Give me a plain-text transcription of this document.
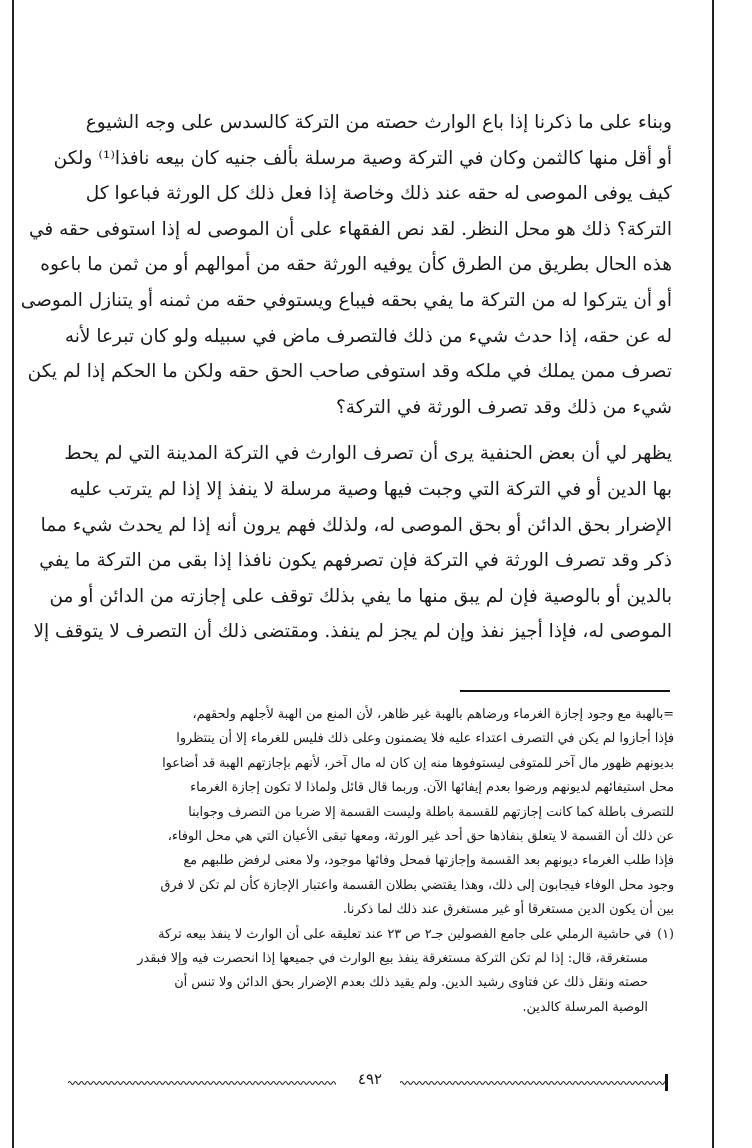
وبناء على ما ذكرنا إذا باع الوارث حصته من التركة كالسدس على وجه الشيوع

أو أقل منها كالثمن وكان في التركة وصية مرسلة بألف جنيه كان بيعه نافذا⁽¹⁾ ولكن

كيف يوفى الموصى له حقه عند ذلك وخاصة إذا فعل ذلك كل الورثة فباعوا كل

التركة؟ ذلك هو محل النظر. لقد نص الفقهاء على أن الموصى له إذا استوفى حقه في

هذه الحال بطريق من الطرق كأن يوفيه الورثة حقه من أموالهم أو من ثمن ما باعوه

أو أن يتركوا له من التركة ما يفي بحقه فيباع ويستوفي حقه من ثمنه أو يتنازل الموصى

له عن حقه، إذا حدث شيء من ذلك فالتصرف ماض في سبيله ولو كان تبرعا لأنه

تصرف ممن يملك في ملكه وقد استوفى صاحب الحق حقه ولكن ما الحكم إذا لم يكن

شيء من ذلك وقد تصرف الورثة في التركة؟

يظهر لي أن بعض الحنفية يرى أن تصرف الوارث في التركة المدينة التي لم يحط

بها الدين أو في التركة التي وجبت فيها وصية مرسلة لا ينفذ إلا إذا لم يترتب عليه

الإضرار بحق الدائن أو بحق الموصى له، ولذلك فهم يرون أنه إذا لم يحدث شيء مما

ذكر وقد تصرف الورثة في التركة فإن تصرفهم يكون نافذا إذا بقى من التركة ما يفي

بالدين أو بالوصية فإن لم يبق منها ما يفي بذلك توقف على إجازته من الدائن أو من

الموصى له، فإذا أجيز نفذ وإن لم يجز لم ينفذ. ومقتضى ذلك أن التصرف لا يتوقف إلا

=بالهبة مع وجود إجازة الغرماء ورضاهم بالهبة غير ظاهر، لأن المنع من الهبة لأجلهم ولحقهم،

فإذا أجازوا لم يكن في التصرف اعتداء عليه فلا يضمنون وعلى ذلك فليس للغرماء إلا أن ينتظروا

بديونهم ظهور مال آخر للمتوفى ليستوفوها منه إن كان له مال آخر، لأنهم بإجازتهم الهبة قد أضاعوا

محل استيفائهم لديونهم ورضوا بعدم إيفائها الآن. وربما قال قائل ولماذا لا تكون إجازة الغرماء

للتصرف باطلة كما كانت إجازتهم للقسمة باطلة وليست القسمة إلا ضربا من التصرف وجوابنا

عن ذلك أن القسمة لا يتعلق بنفاذها حق أحد غير الورثة، ومعها تبقى الأعيان التي هي محل الوفاء،

فإذا طلب الغرماء ديونهم بعد القسمة وإجازتها فمحل وفائها موجود، ولا معنى لرفض طلبهم مع

وجود محل الوفاء فيجابون إلى ذلك، وهذا يقتضي بطلان القسمة واعتبار الإجازة كأن لم تكن لا فرق

بين أن يكون الدين مستغرقا أو غير مستغرق عند ذلك لما ذكرنا.

(١)في حاشية الرملي على جامع الفصولين جـ٢ ص ٢٣ عند تعليقه على أن الوارث لا ينفذ بيعه تركة

مستغرقة، قال: إذا لم تكن التركة مستغرقة ينفذ بيع الوارث في جميعها إذا انحصرت فيه وإلا فبقدر

حصته ونقل ذلك عن فتاوى رشيد الدين. ولم يقيد ذلك بعدم الإضرار بحق الدائن ولا تنس أن

الوصية المرسلة كالدين.

٤٩٢
